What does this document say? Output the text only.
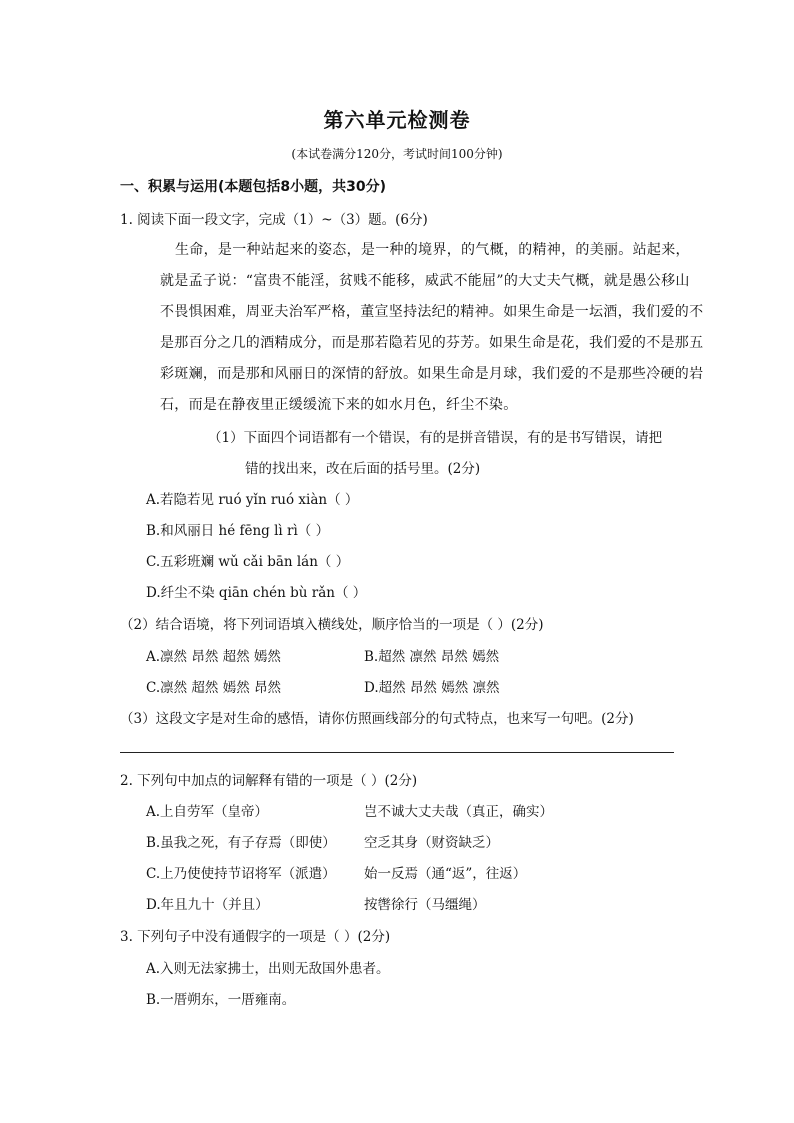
第六单元检测卷
(本试卷满分120分，考试时间100分钟)
一、积累与运用(本题包括8小题，共30分)
1. 阅读下面一段文字，完成（1）~（3）题。(6分)
生命，是一种站起来的姿态，是一种的境界，的气概，的精神，的美丽。站起来，
就是孟子说：“富贵不能淫，贫贱不能移，威武不能屈”的大丈夫气概，就是愚公移山
不畏惧困难，周亚夫治军严格，董宣坚持法纪的精神。如果生命是一坛酒，我们爱的不
是那百分之几的酒精成分，而是那若隐若见的芬芳。如果生命是花，我们爱的不是那五
彩斑斓，而是那和风丽日的深情的舒放。如果生命是月球，我们爱的不是那些冷硬的岩
石，而是在静夜里正缓缓流下来的如水月色，纤尘不染。
（1）下面四个词语都有一个错误，有的是拼音错误，有的是书写错误，请把
错的找出来，改在后面的括号里。(2分)
A.若隐若见 ruó yǐn ruó xiàn（ ）
B.和风丽日 hé fēng lì rì（ ）
C.五彩班斓 wǔ cǎi bān lán（ ）
D.纤尘不染 qiān chén bù rǎn（ ）
（2）结合语境，将下列词语填入横线处，顺序恰当的一项是（ ）(2分)
A.凛然 昂然 超然 嫣然	B.超然 凛然 昂然 嫣然
C.凛然 超然 嫣然 昂然	D.超然 昂然 嫣然 凛然
（3）这段文字是对生命的感悟，请你仿照画线部分的句式特点，也来写一句吧。(2分)
2. 下列句中加点的词解释有错的一项是（ ）(2分)
A.上自劳军（皇帝）	岂不诚大丈夫哉（真正，确实）
B.虽我之死，有子存焉（即使） 空乏其身（财资缺乏）
C.上乃使使持节诏将军（派遣） 始一反焉（通“返”，往返）
D.年且九十（并且）	按辔徐行（马缰绳）
3. 下列句子中没有通假字的一项是（ ）(2分)
A.入则无法家拂士，出则无敌国外患者。
B.一厝朔东，一厝雍南。
